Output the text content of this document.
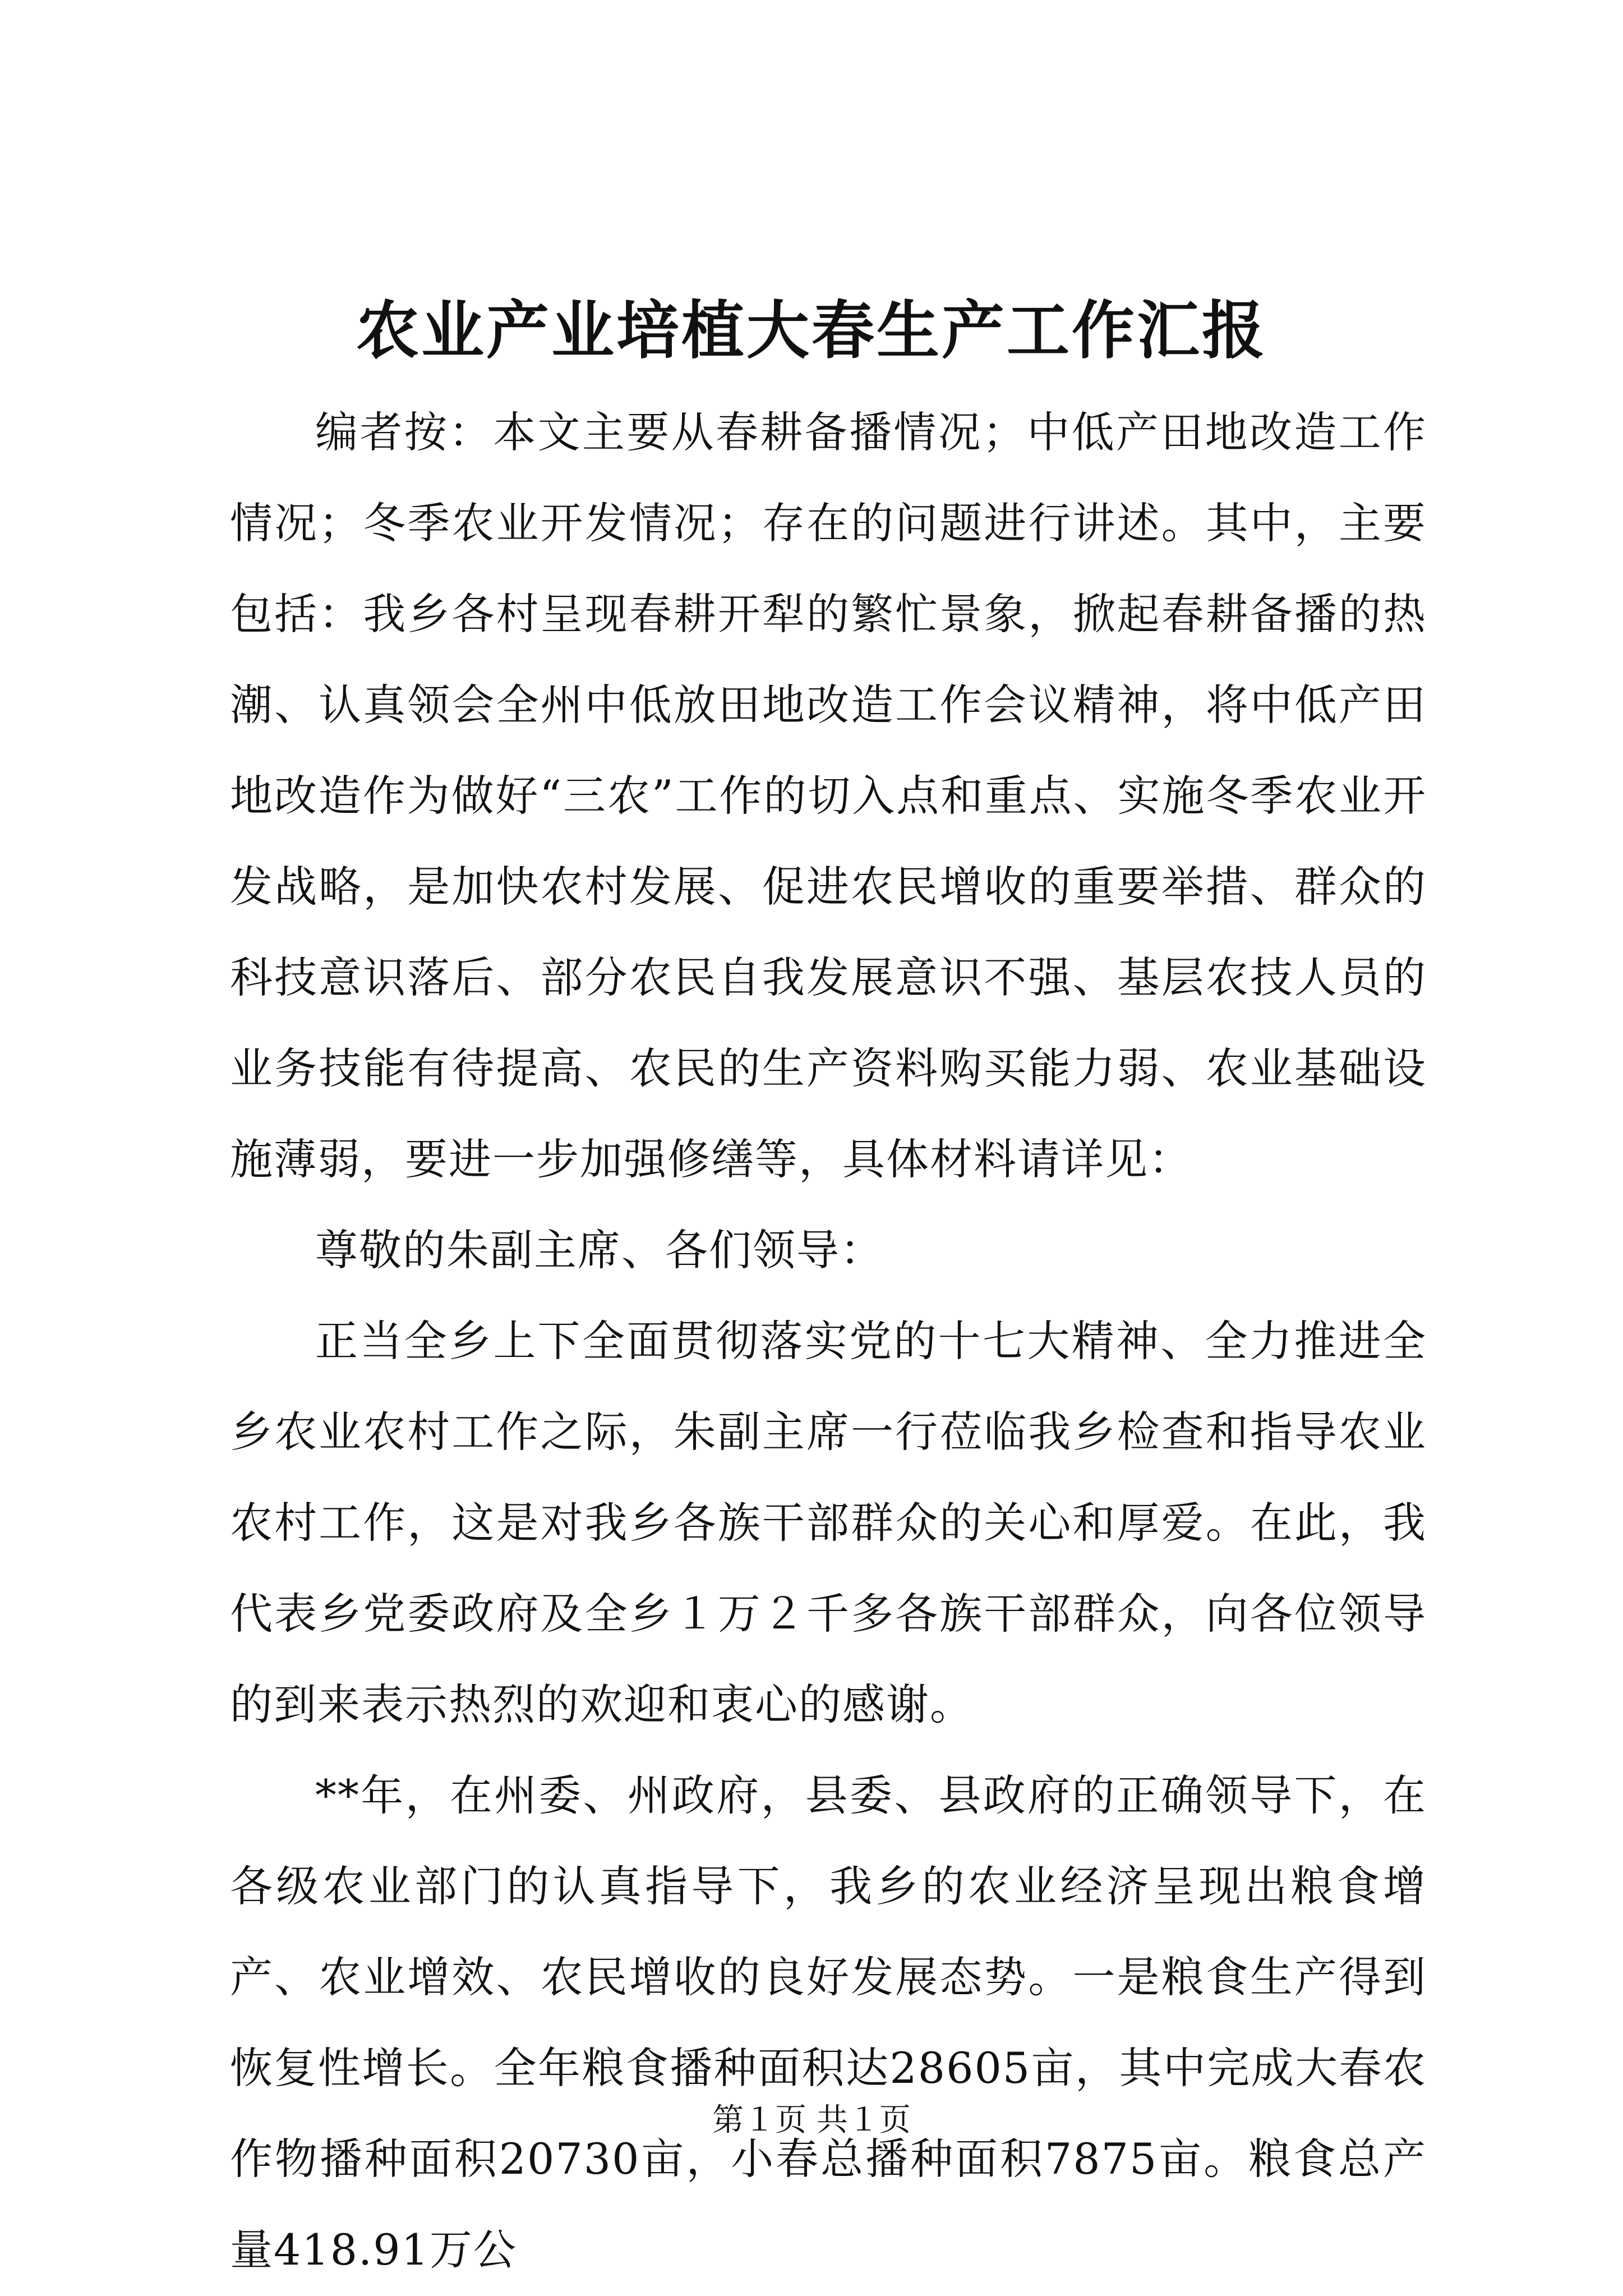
农业产业培植大春生产工作汇报

编者按：本文主要从春耕备播情况；中低产田地改造工作情况；冬季农业开发情况；存在的问题进行讲述。其中，主要包括：我乡各村呈现春耕开犁的繁忙景象，掀起春耕备播的热潮、认真领会全州中低放田地改造工作会议精神，将中低产田地改造作为做好“三农”工作的切入点和重点、实施冬季农业开发战略，是加快农村发展、促进农民增收的重要举措、群众的科技意识落后、部分农民自我发展意识不强、基层农技人员的业务技能有待提高、农民的生产资料购买能力弱、农业基础设施薄弱，要进一步加强修缮等，具体材料请详见：

尊敬的朱副主席、各们领导：

正当全乡上下全面贯彻落实党的十七大精神、全力推进全乡农业农村工作之际，朱副主席一行莅临我乡检查和指导农业农村工作，这是对我乡各族干部群众的关心和厚爱。在此，我代表乡党委政府及全乡１万２千多各族干部群众，向各位领导的到来表示热烈的欢迎和衷心的感谢。

**年，在州委、州政府，县委、县政府的正确领导下，在各级农业部门的认真指导下，我乡的农业经济呈现出粮食增产、农业增效、农民增收的良好发展态势。一是粮食生产得到恢复性增长。全年粮食播种面积达28605亩，其中完成大春农作物播种面积20730亩，小春总播种面积7875亩。粮食总产量418.91万公

第１页 共１页
